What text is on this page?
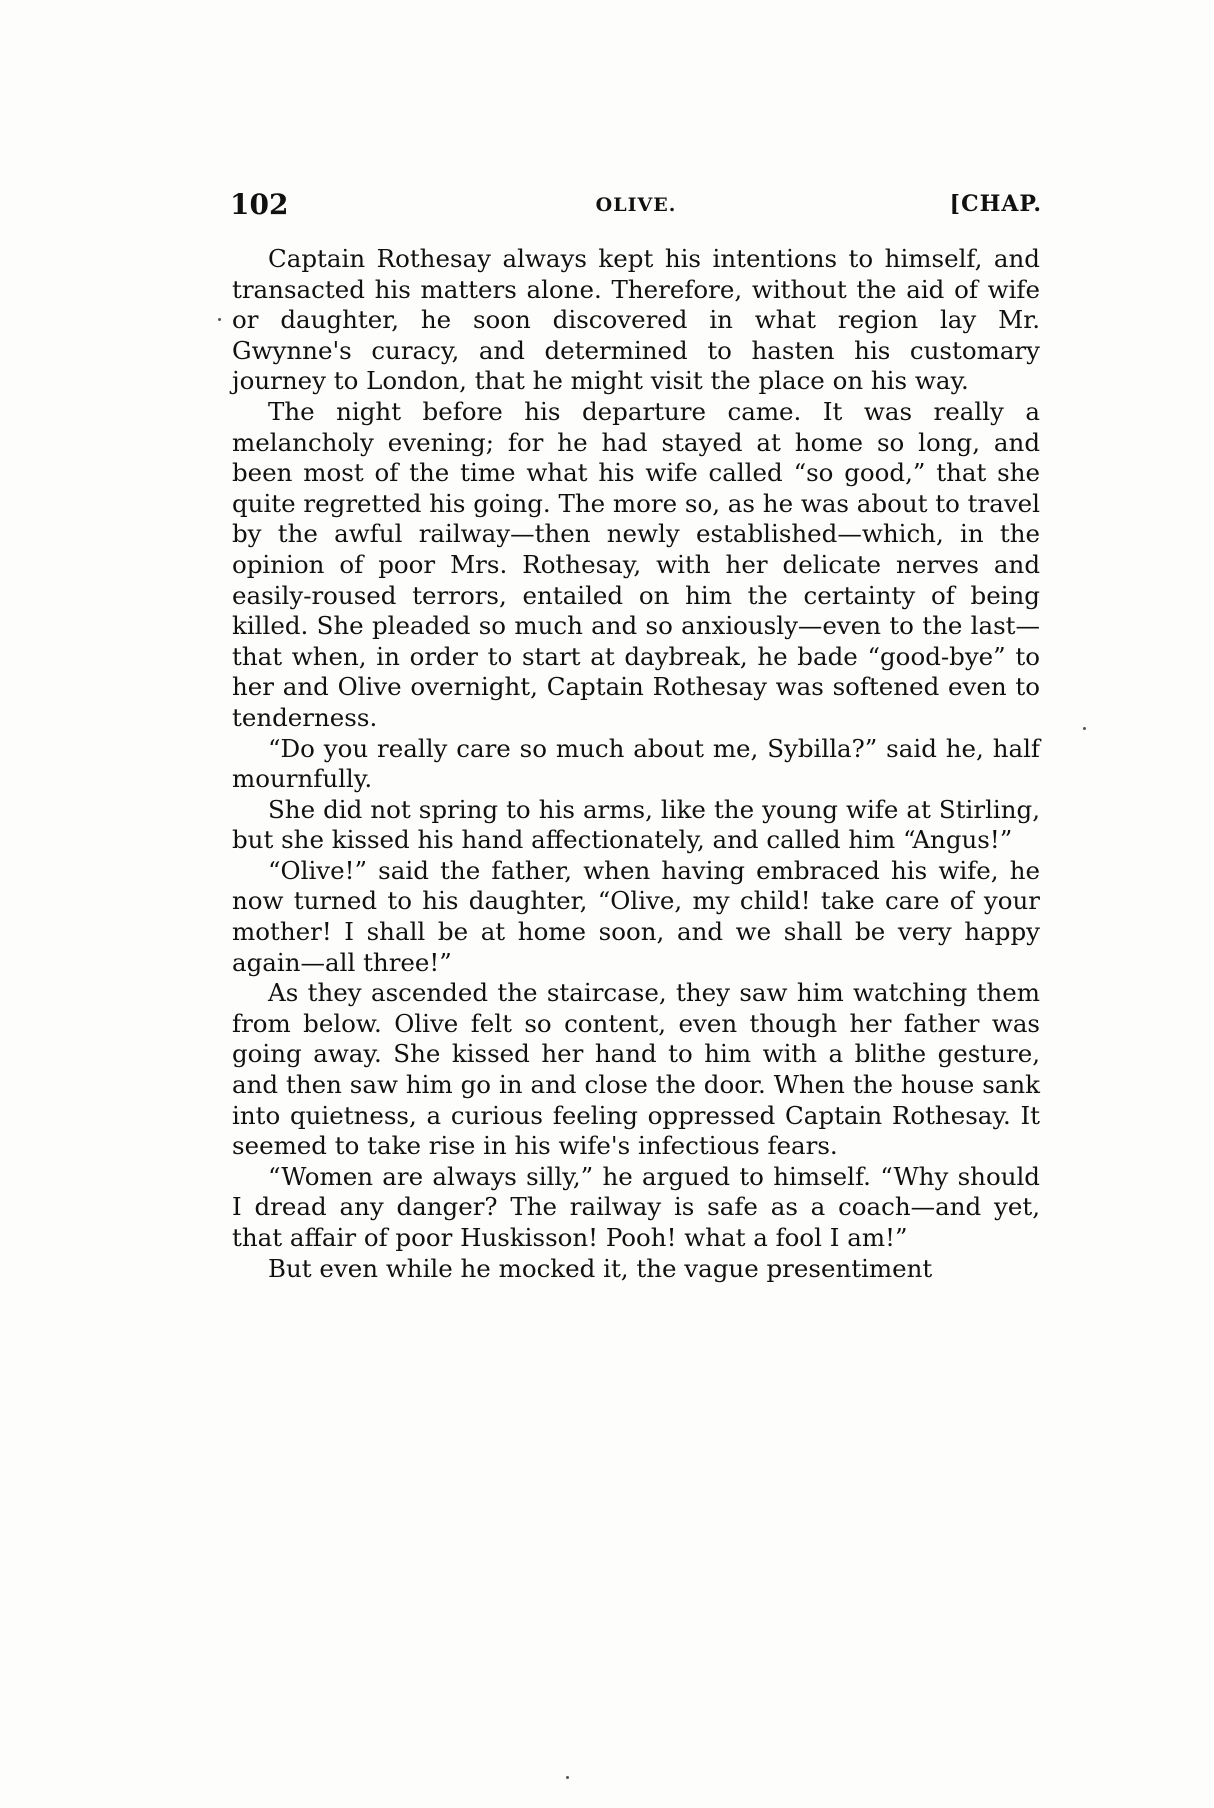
102	OLIVE.	[CHAP.

Captain Rothesay always kept his intentions to himself, and transacted his matters alone. Therefore, without the aid of wife or daughter, he soon discovered in what region lay Mr. Gwynne's curacy, and determined to hasten his customary journey to London, that he might visit the place on his way.

The night before his departure came. It was really a melancholy evening; for he had stayed at home so long, and been most of the time what his wife called “so good,” that she quite regretted his going. The more so, as he was about to travel by the awful railway—then newly established—which, in the opinion of poor Mrs. Rothesay, with her delicate nerves and easily-roused terrors, entailed on him the certainty of being killed. She pleaded so much and so anxiously—even to the last—that when, in order to start at daybreak, he bade “good-bye” to her and Olive overnight, Captain Rothesay was softened even to tenderness.

“Do you really care so much about me, Sybilla?” said he, half mournfully.

She did not spring to his arms, like the young wife at Stirling, but she kissed his hand affectionately, and called him “Angus!”

“Olive!” said the father, when having embraced his wife, he now turned to his daughter, “Olive, my child! take care of your mother! I shall be at home soon, and we shall be very happy again—all three!”

As they ascended the staircase, they saw him watching them from below. Olive felt so content, even though her father was going away. She kissed her hand to him with a blithe gesture, and then saw him go in and close the door. When the house sank into quietness, a curious feeling oppressed Captain Rothesay. It seemed to take rise in his wife's infectious fears.

“Women are always silly,” he argued to himself. “Why should I dread any danger? The railway is safe as a coach—and yet, that affair of poor Huskisson! Pooh! what a fool I am!”

But even while he mocked it, the vague presentiment
